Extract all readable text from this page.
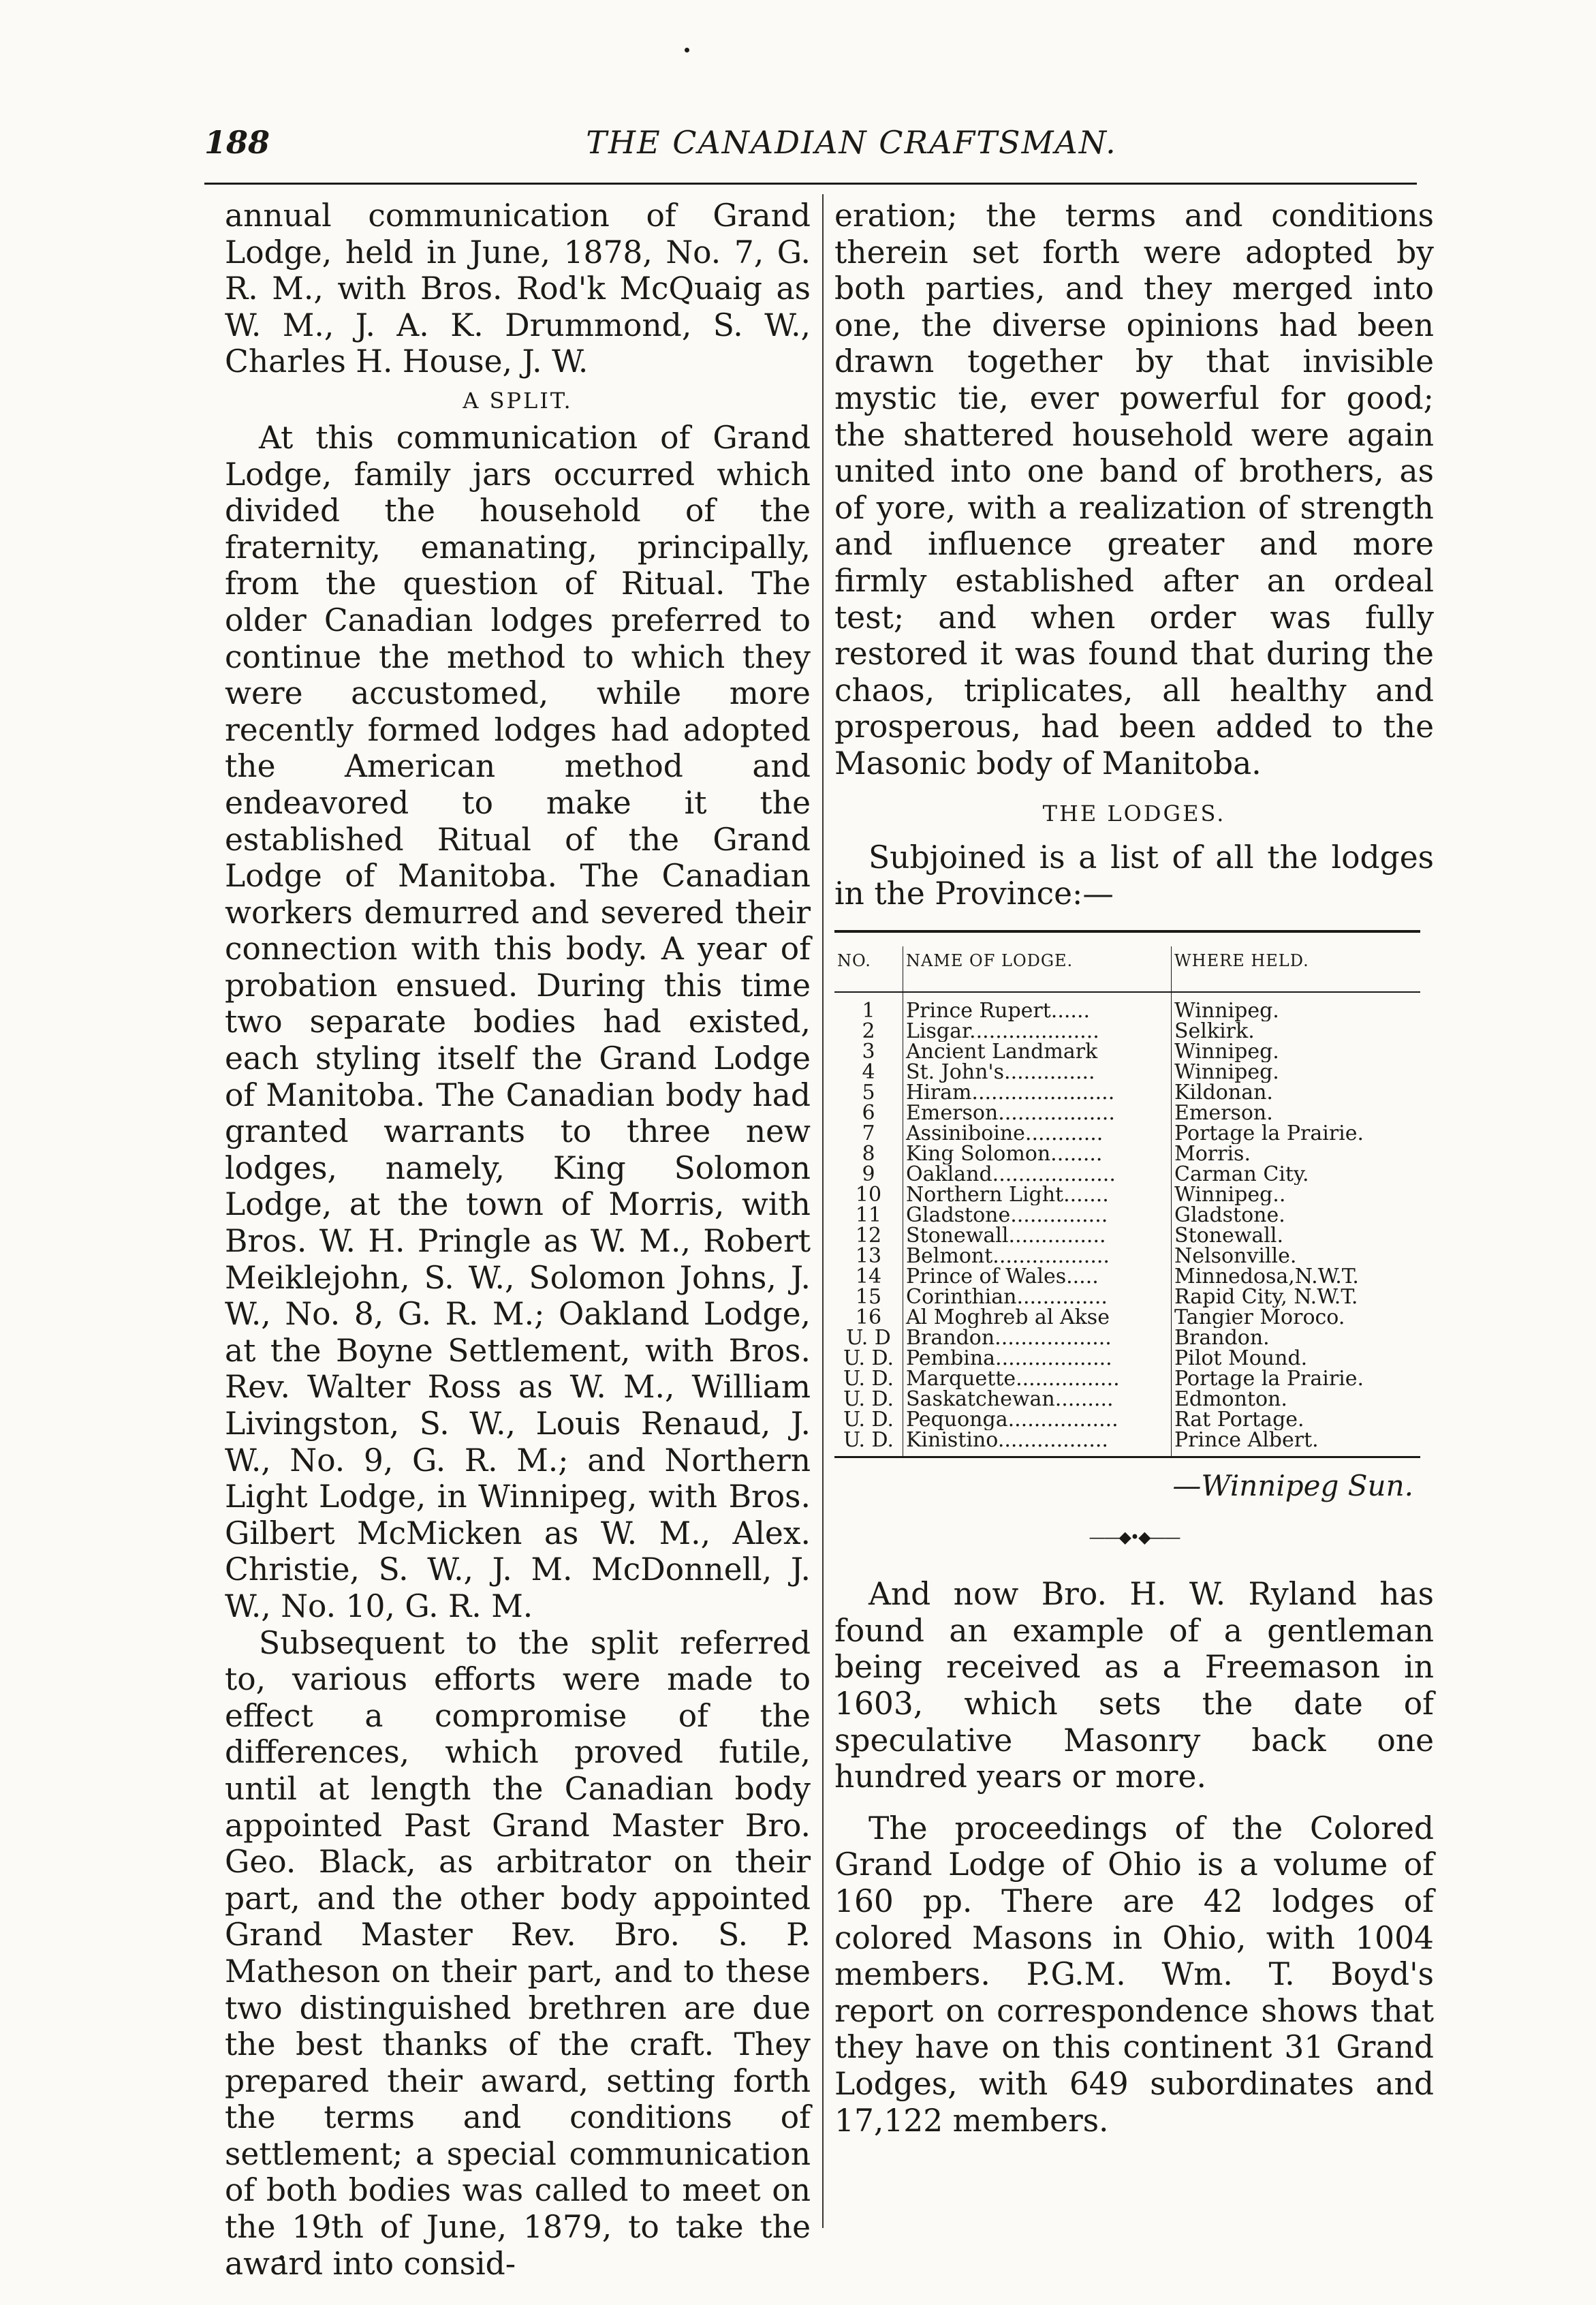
188	THE CANADIAN CRAFTSMAN.

annual communication of Grand Lodge, held in June, 1878, No. 7, G. R. M., with Bros. Rod'k McQuaig as W. M., J. A. K. Drummond, S. W., Charles H. House, J. W.

A SPLIT.

At this communication of Grand Lodge, family jars occurred which divided the household of the fraternity, emanating, principally, from the question of Ritual. The older Canadian lodges preferred to continue the method to which they were accustomed, while more recently formed lodges had adopted the American method and endeavored to make it the established Ritual of the Grand Lodge of Manitoba. The Canadian workers demurred and severed their connection with this body. A year of probation ensued. During this time two separate bodies had existed, each styling itself the Grand Lodge of Manitoba. The Canadian body had granted warrants to three new lodges, namely, King Solomon Lodge, at the town of Morris, with Bros. W. H. Pringle as W. M., Robert Meiklejohn, S. W., Solomon Johns, J. W., No. 8, G. R. M.; Oakland Lodge, at the Boyne Settlement, with Bros. Rev. Walter Ross as W. M., William Livingston, S. W., Louis Renaud, J. W., No. 9, G. R. M.; and Northern Light Lodge, in Winnipeg, with Bros. Gilbert McMicken as W. M., Alex. Christie, S. W., J. M. McDonnell, J. W., No. 10, G. R. M.

Subsequent to the split referred to, various efforts were made to effect a compromise of the differences, which proved futile, until at length the Canadian body appointed Past Grand Master Bro. Geo. Black, as arbitrator on their part, and the other body appointed Grand Master Rev. Bro. S. P. Matheson on their part, and to these two distinguished brethren are due the best thanks of the craft. They prepared their award, setting forth the terms and conditions of settlement; a special communication of both bodies was called to meet on the 19th of June, 1879, to take the award into consid-

eration; the terms and conditions therein set forth were adopted by both parties, and they merged into one, the diverse opinions had been drawn together by that invisible mystic tie, ever powerful for good; the shattered household were again united into one band of brothers, as of yore, with a realization of strength and influence greater and more firmly established after an ordeal test; and when order was fully restored it was found that during the chaos, triplicates, all healthy and prosperous, had been added to the Masonic body of Manitoba.

THE LODGES.

Subjoined is a list of all the lodges in the Province:—

NO.	NAME OF LODGE.	WHERE HELD.
1	Prince Rupert......	Winnipeg.
2	Lisgar....................	Selkirk.
3	Ancient Landmark	Winnipeg.
4	St. John's..............	Winnipeg.
5	Hiram......................	Kildonan.
6	Emerson..................	Emerson.
7	Assiniboine............	Portage la Prairie.
8	King Solomon........	Morris.
9	Oakland...................	Carman City.
10	Northern Light.......	Winnipeg..
11	Gladstone...............	Gladstone.
12	Stonewall...............	Stonewall.
13	Belmont..................	Nelsonville.
14	Prince of Wales.....	Minnedosa,N.W.T.
15	Corinthian..............	Rapid City, N.W.T.
16	Al Moghreb al Akse	Tangier Moroco.
U. D	Brandon..................	Brandon.
U. D.	Pembina..................	Pilot Mound.
U. D.	Marquette................	Portage la Prairie.
U. D.	Saskatchewan.........	Edmonton.
U. D.	Pequonga.................	Rat Portage.
U. D.	Kinistino.................	Prince Albert.

—Winnipeg Sun.

——◆•◆——

And now Bro. H. W. Ryland has found an example of a gentleman being received as a Freemason in 1603, which sets the date of speculative Masonry back one hundred years or more.

The proceedings of the Colored Grand Lodge of Ohio is a volume of 160 pp. There are 42 lodges of colored Masons in Ohio, with 1004 members. P.G.M. Wm. T. Boyd's report on correspondence shows that they have on this continent 31 Grand Lodges, with 649 subordinates and 17,122 members.
